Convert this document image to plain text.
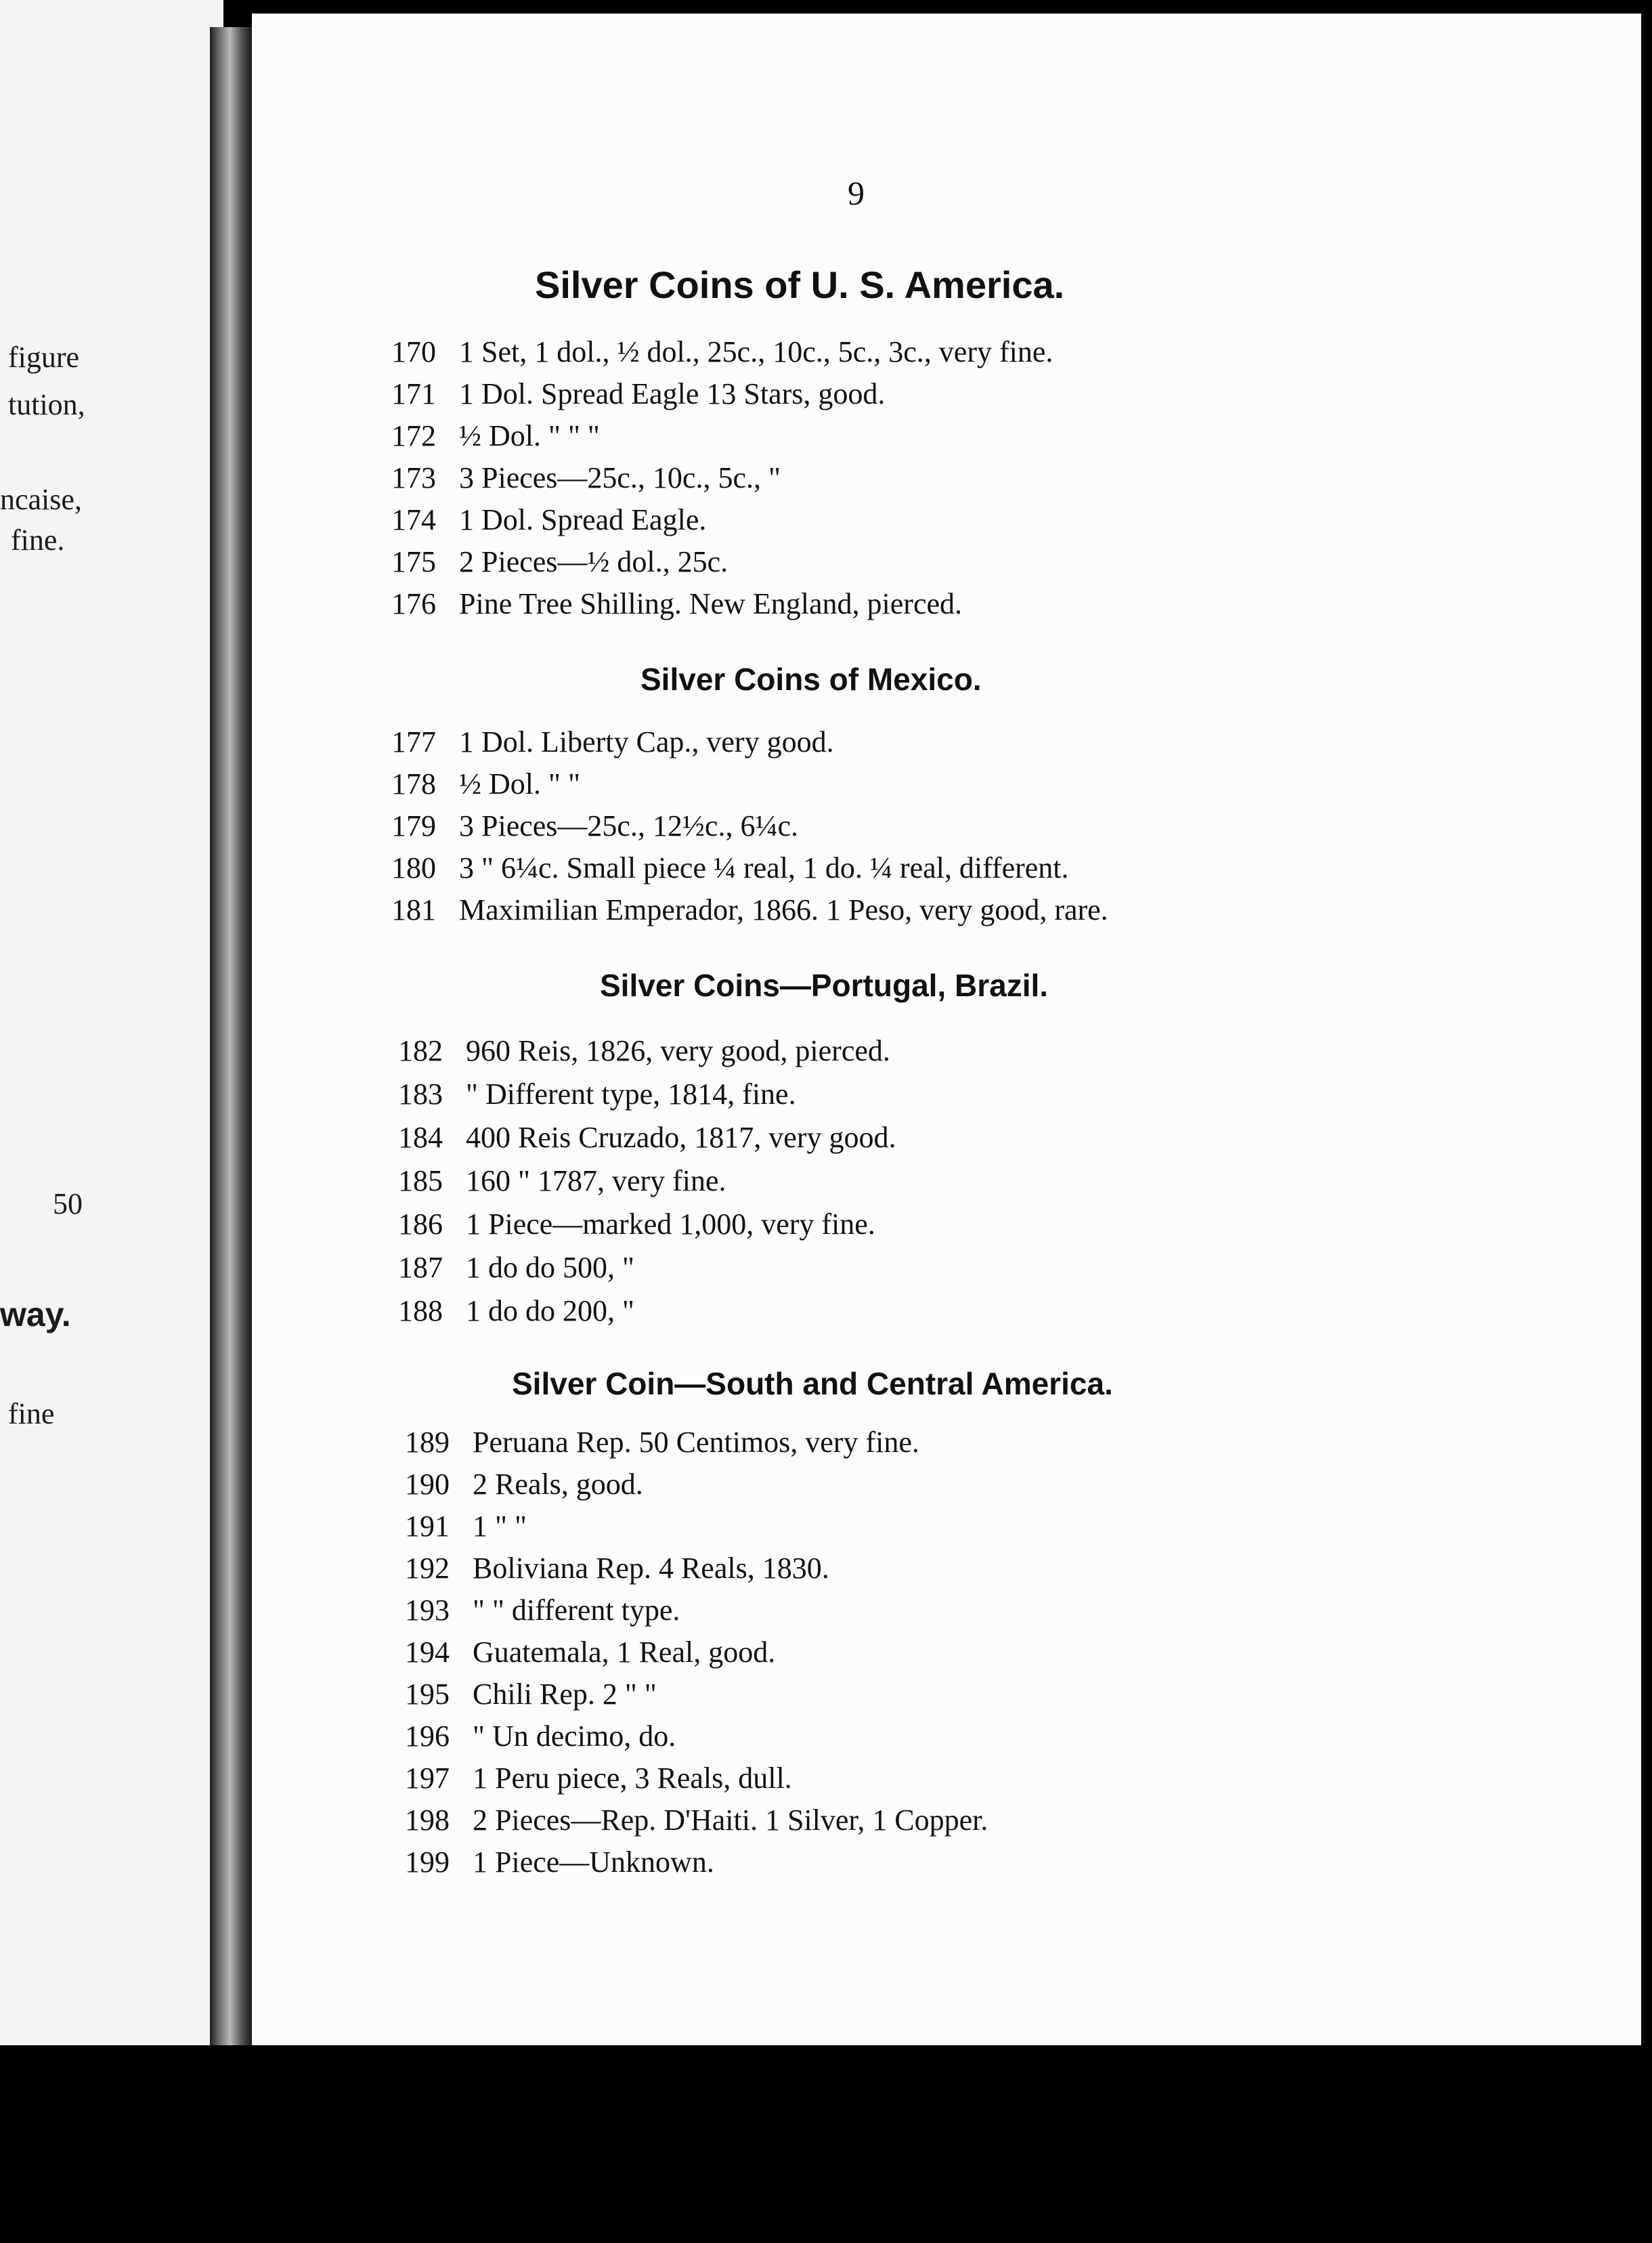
figure
tution,
ncaise,
fine.
50
way.
fine
9
Silver Coins of U. S. America.
170 1 Set, 1 dol., ½ dol., 25c., 10c., 5c., 3c., very fine.
171 1 Dol. Spread Eagle 13 Stars, good.
172 ½ Dol. " " "
173 3 Pieces—25c., 10c., 5c., "
174 1 Dol. Spread Eagle.
175 2 Pieces—½ dol., 25c.
176 Pine Tree Shilling. New England, pierced.
Silver Coins of Mexico.
177 1 Dol. Liberty Cap., very good.
178 ½ Dol. " "
179 3 Pieces—25c., 12½c., 6¼c.
180 3 " 6¼c. Small piece ¼ real, 1 do. ¼ real, different.
181 Maximilian Emperador, 1866. 1 Peso, very good, rare.
Silver Coins—Portugal, Brazil.
182 960 Reis, 1826, very good, pierced.
183 " Different type, 1814, fine.
184 400 Reis Cruzado, 1817, very good.
185 160 " 1787, very fine.
186 1 Piece—marked 1,000, very fine.
187 1 do do 500, "
188 1 do do 200, "
Silver Coin—South and Central America.
189 Peruana Rep. 50 Centimos, very fine.
190 2 Reals, good.
191 1 " "
192 Boliviana Rep. 4 Reals, 1830.
193 " " different type.
194 Guatemala, 1 Real, good.
195 Chili Rep. 2 " "
196 " Un decimo, do.
197 1 Peru piece, 3 Reals, dull.
198 2 Pieces—Rep. D'Haiti. 1 Silver, 1 Copper.
199 1 Piece—Unknown.
